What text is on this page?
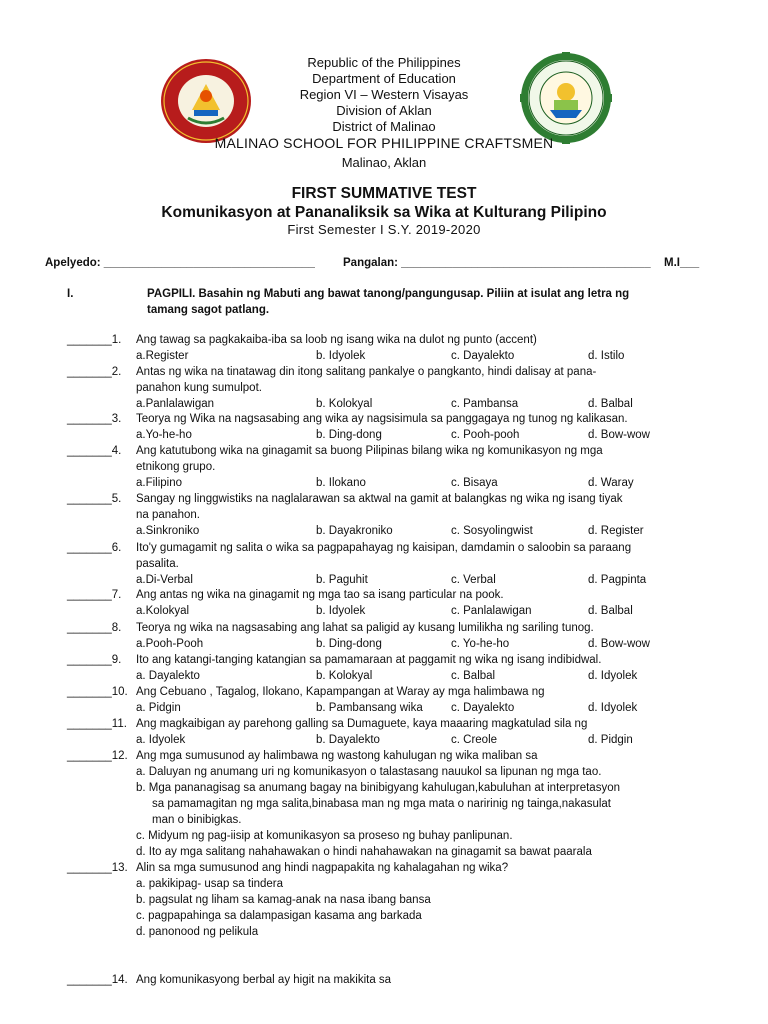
Republic of the Philippines
Department of Education
Region VI – Western Visayas
Division of Aklan
District of Malinao
MALINAO SCHOOL FOR PHILIPPINE CRAFTSMEN
Malinao, Aklan
FIRST SUMMATIVE TEST
Komunikasyon at Pananaliksik sa Wika at Kulturang Pilipino
First Semester I S.Y. 2019-2020
Apelyedo: _________________________________ Pangalan: _______________________________________ M.I___
I.	PAGPILI. Basahin ng Mabuti ang bawat tanong/pangungusap. Piliin at isulat ang letra ng
tamang sagot patlang.
_______1. Ang tawag sa pagkakaiba-iba sa loob ng isang wika na dulot ng punto (accent)
a.Register	b. Idyolek	c. Dayalekto	d. Istilo
_______2. Antas ng wika na tinatawag din itong salitang pankalye o pangkanto, hindi dalisay at pana-
panahon kung sumulpot.
a.Panlalawigan	b. Kolokyal	c. Pambansa	d. Balbal
_______3. Teorya ng Wika na nagsasabing ang wika ay nagsisimula sa panggagaya ng tunog ng kalikasan.
a.Yo-he-ho	b. Ding-dong	c. Pooh-pooh	d. Bow-wow
_______4. Ang katutubong wika na ginagamit sa buong Pilipinas bilang wika ng komunikasyon ng mga
etnikong grupo.
a.Filipino	b. Ilokano	c. Bisaya	d. Waray
_______5. Sangay ng linggwistiks na naglalarawan sa aktwal na gamit at balangkas ng wika ng isang tiyak
na panahon.
a.Sinkroniko	b. Dayakroniko	c. Sosyolingwist	d. Register
_______6. Ito'y gumagamit ng salita o wika sa pagpapahayag ng kaisipan, damdamin o saloobin sa paraang
pasalita.
a.Di-Verbal	b. Paguhit	c. Verbal	d. Pagpinta
_______7. Ang antas ng wika na ginagamit ng mga tao sa isang particular na pook.
a.Kolokyal	b. Idyolek	c. Panlalawigan	d. Balbal
_______8. Teorya ng wika na nagsasabing ang lahat sa paligid ay kusang lumilikha ng sariling tunog.
a.Pooh-Pooh	b. Ding-dong	c. Yo-he-ho	d. Bow-wow
_______9. Ito ang katangi-tanging katangian sa pamamaraan at paggamit ng wika ng isang indibidwal.
a. Dayalekto	b. Kolokyal	c. Balbal	d. Idyolek
_______10. Ang Cebuano , Tagalog, Ilokano, Kapampangan at Waray ay mga halimbawa ng
a. Pidgin	b. Pambansang wika c. Dayalekto	d. Idyolek
_______11. Ang magkaibigan ay parehong galling sa Dumaguete, kaya maaaring magkatulad sila ng
a. Idyolek	b. Dayalekto	c. Creole	d. Pidgin
_______12. Ang mga sumusunod ay halimbawa ng wastong kahulugan ng wika maliban sa
a. Daluyan ng anumang uri ng komunikasyon o talastasang nauukol sa lipunan ng mga tao.
b. Mga pananagisag sa anumang bagay na binibigyang kahulugan,kabuluhan at interpretasyon
sa pamamagitan ng mga salita,binabasa man ng mga mata o naririnig ng tainga,nakasulat
man o binibigkas.
c. Midyum ng pag-iisip at komunikasyon sa proseso ng buhay panlipunan.
d. Ito ay mga salitang nahahawakan o hindi nahahawakan na ginagamit sa bawat paarala
_______13. Alin sa mga sumusunod ang hindi nagpapakita ng kahalagahan ng wika?
a. pakikipag- usap sa tindera
b. pagsulat ng liham sa kamag-anak na nasa ibang bansa
c. pagpapahinga sa dalampasigan kasama ang barkada
d. panonood ng pelikula
_______14. Ang komunikasyong berbal ay higit na makikita sa
